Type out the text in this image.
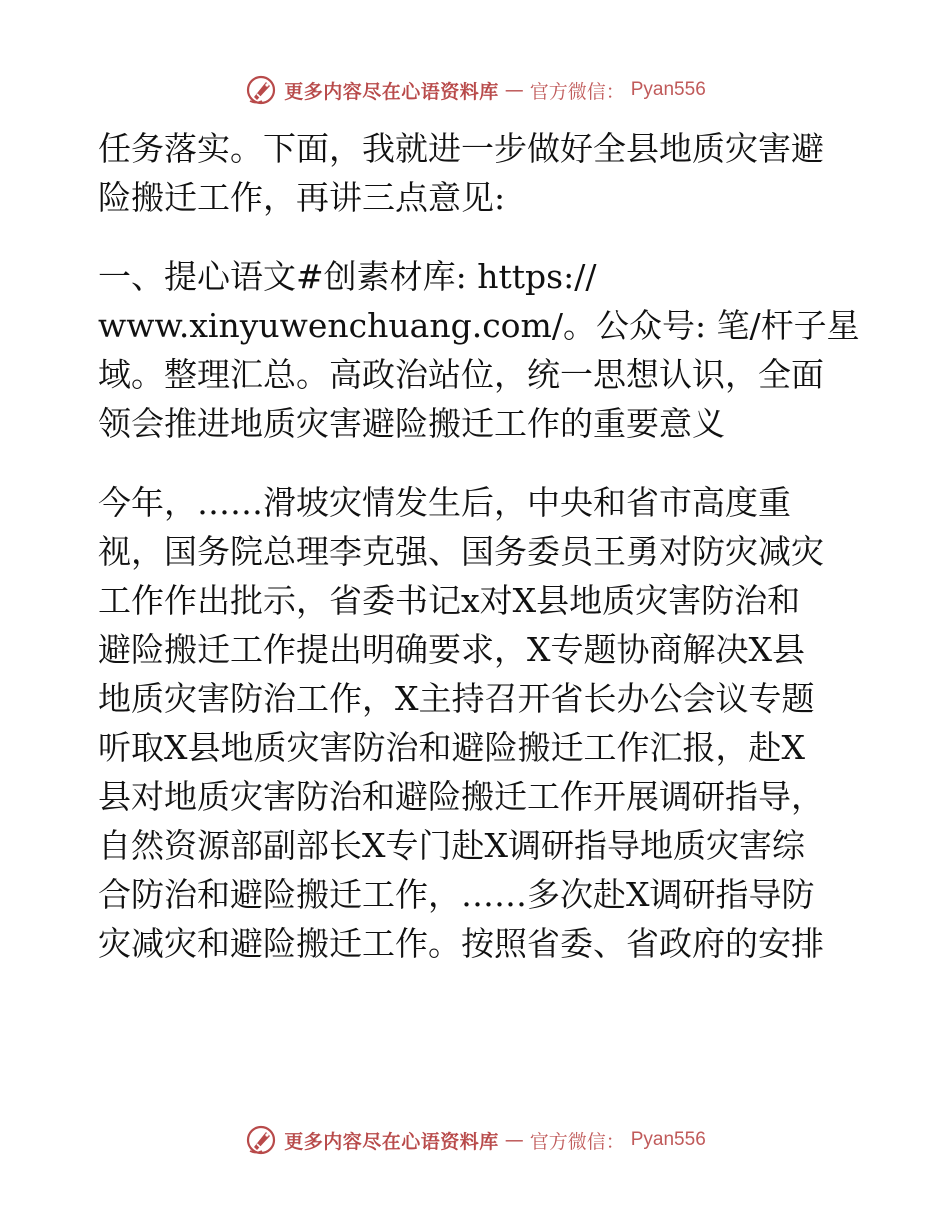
更多内容尽在心语资料库 — 官方微信： Pyan556
任务落实。下面，我就进一步做好全县地质灾害避
险搬迁工作，再讲三点意见:
一、提心语文#创素材库: https://
www.xinyuwenchuang.com/。公众号: 笔/杆子星
域。整理汇总。高政治站位，统一思想认识，全面
领会推进地质灾害避险搬迁工作的重要意义
今年，……滑坡灾情发生后，中央和省市高度重
视，国务院总理李克强、国务委员王勇对防灾减灾
工作作出批示，省委书记x对X县地质灾害防治和
避险搬迁工作提出明确要求，X专题协商解决X县
地质灾害防治工作，X主持召开省长办公会议专题
听取X县地质灾害防治和避险搬迁工作汇报，赴X
县对地质灾害防治和避险搬迁工作开展调研指导，
自然资源部副部长X专门赴X调研指导地质灾害综
合防治和避险搬迁工作，……多次赴X调研指导防
灾减灾和避险搬迁工作。按照省委、省政府的安排
更多内容尽在心语资料库 — 官方微信： Pyan556
